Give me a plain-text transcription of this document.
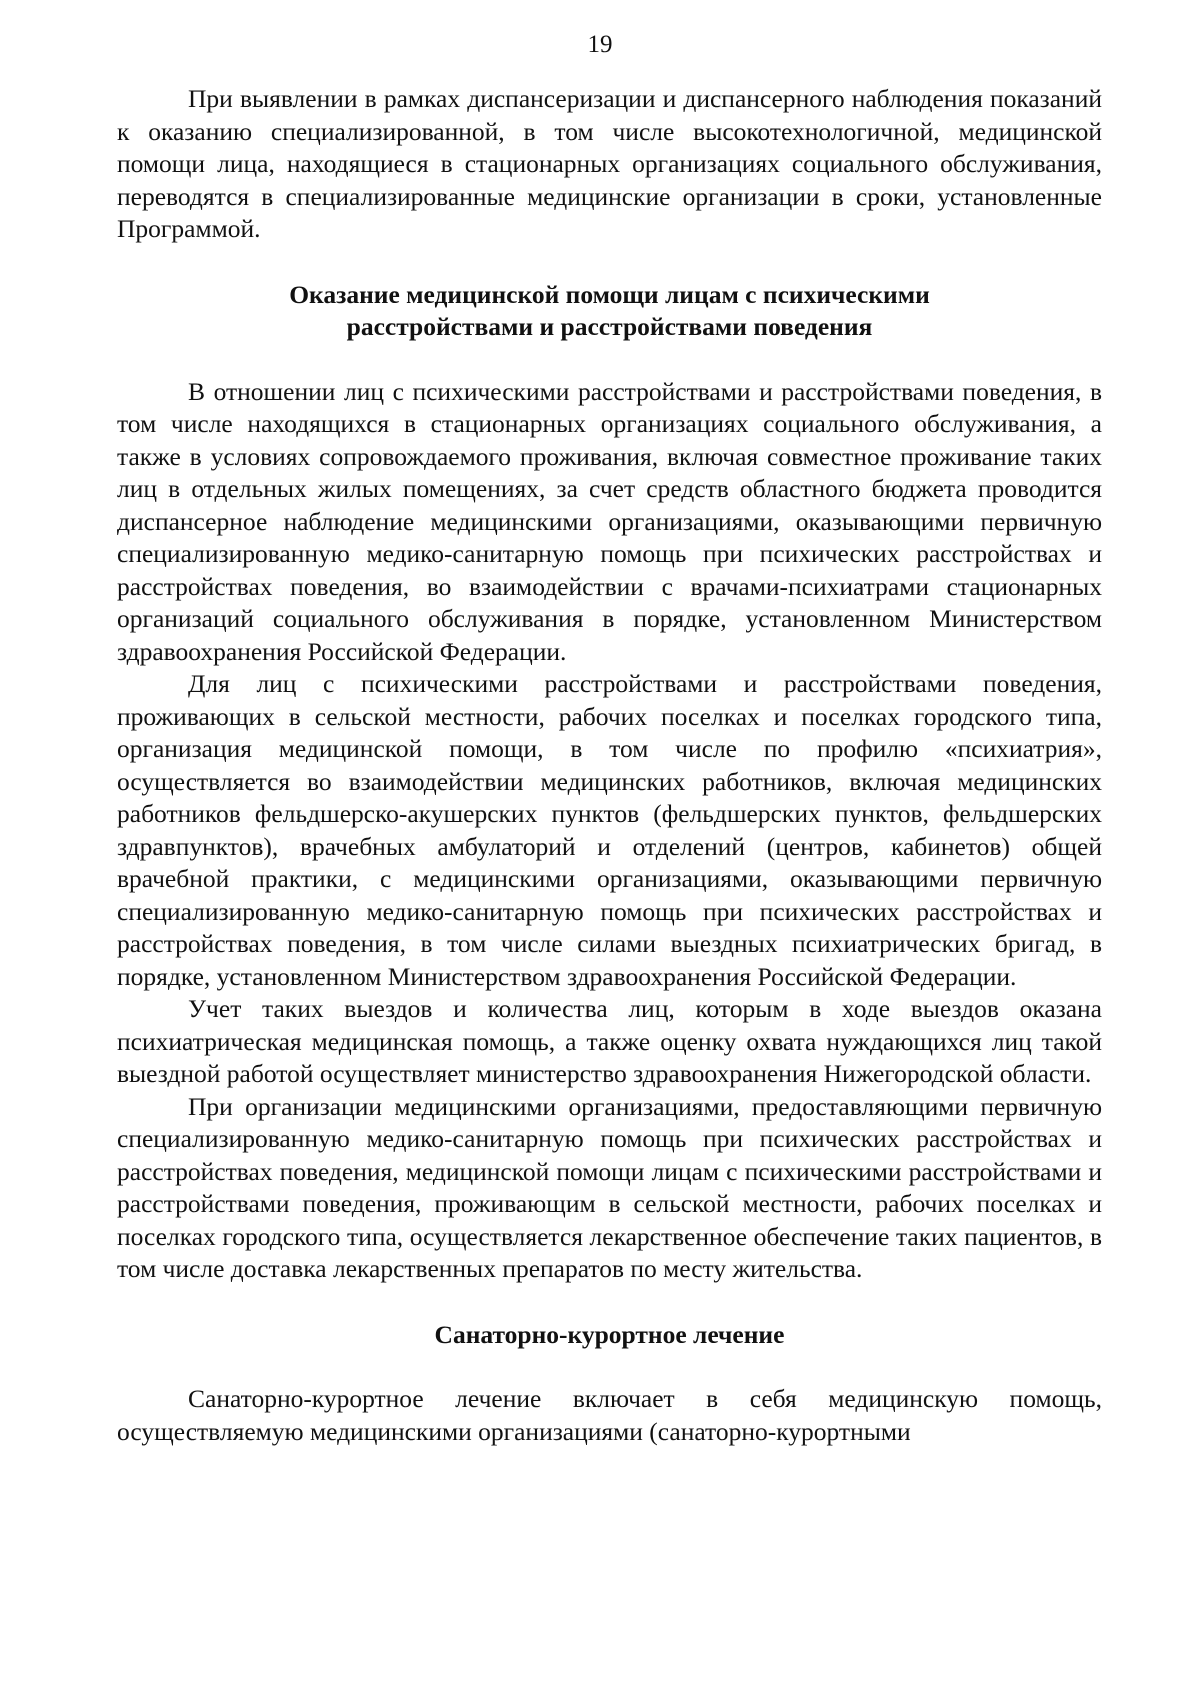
19

При выявлении в рамках диспансеризации и диспансерного наблюдения показаний к оказанию специализированной, в том числе высокотехнологичной, медицинской помощи лица, находящиеся в стационарных организациях социального обслуживания, переводятся в специализированные медицинские организации в сроки, установленные Программой.

Оказание медицинской помощи лицам с психическими
расстройствами и расстройствами поведения

В отношении лиц с психическими расстройствами и расстройствами поведения, в том числе находящихся в стационарных организациях социального обслуживания, а также в условиях сопровождаемого проживания, включая совместное проживание таких лиц в отдельных жилых помещениях, за счет средств областного бюджета проводится диспансерное наблюдение медицинскими организациями, оказывающими первичную специализированную медико-санитарную помощь при психических расстройствах и расстройствах поведения, во взаимодействии с врачами-психиатрами стационарных организаций социального обслуживания в порядке, установленном Министерством здравоохранения Российской Федерации.

Для лиц с психическими расстройствами и расстройствами поведения, проживающих в сельской местности, рабочих поселках и поселках городского типа, организация медицинской помощи, в том числе по профилю «психиатрия», осуществляется во взаимодействии медицинских работников, включая медицинских работников фельдшерско-акушерских пунктов (фельдшерских пунктов, фельдшерских здравпунктов), врачебных амбулаторий и отделений (центров, кабинетов) общей врачебной практики, с медицинскими организациями, оказывающими первичную специализированную медико-санитарную помощь при психических расстройствах и расстройствах поведения, в том числе силами выездных психиатрических бригад, в порядке, установленном Министерством здравоохранения Российской Федерации.

Учет таких выездов и количества лиц, которым в ходе выездов оказана психиатрическая медицинская помощь, а также оценку охвата нуждающихся лиц такой выездной работой осуществляет министерство здравоохранения Нижегородской области.

При организации медицинскими организациями, предоставляющими первичную специализированную медико-санитарную помощь при психических расстройствах и расстройствах поведения, медицинской помощи лицам с психическими расстройствами и расстройствами поведения, проживающим в сельской местности, рабочих поселках и поселках городского типа, осуществляется лекарственное обеспечение таких пациентов, в том числе доставка лекарственных препаратов по месту жительства.

Санаторно-курортное лечение

Санаторно-курортное лечение включает в себя медицинскую помощь, осуществляемую медицинскими организациями (санаторно-курортными
